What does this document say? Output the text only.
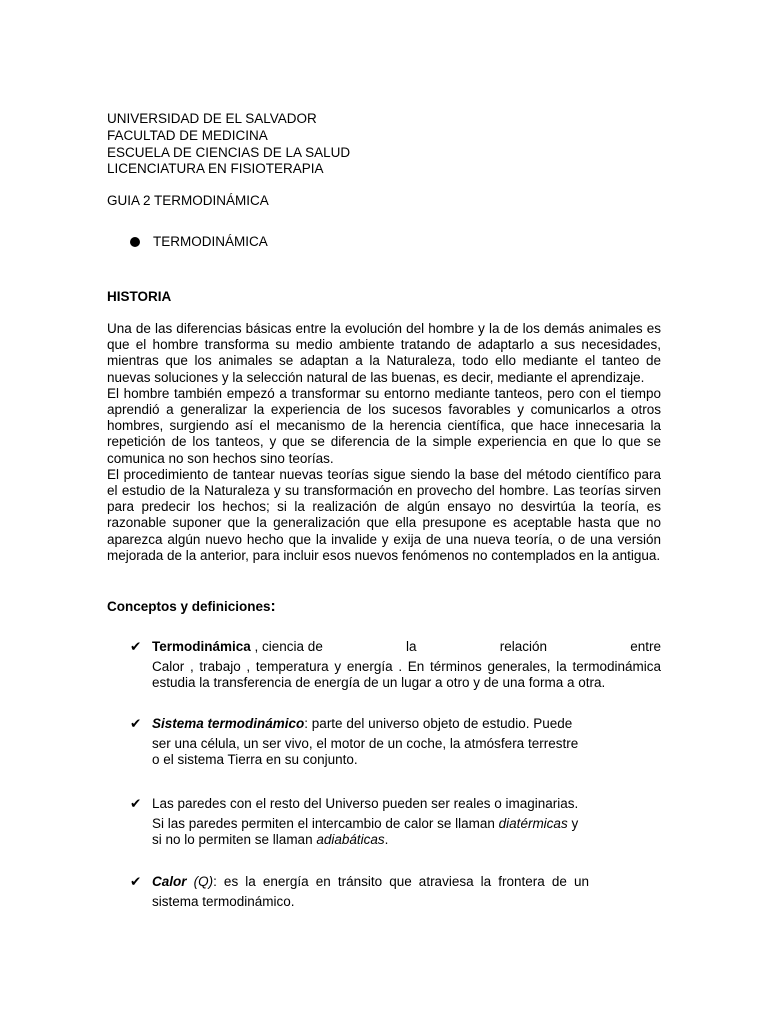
UNIVERSIDAD DE EL SALVADOR
FACULTAD DE MEDICINA
ESCUELA DE CIENCIAS DE LA SALUD
LICENCIATURA EN FISIOTERAPIA
GUIA 2 TERMODINÁMICA
TERMODINÁMICA
HISTORIA

Una de las diferencias básicas entre la evolución del hombre y la de los demás animales es que el hombre transforma su medio ambiente tratando de adaptarlo a sus necesidades, mientras que los animales se adaptan a la Naturaleza, todo ello mediante el tanteo de nuevas soluciones y la selección natural de las buenas, es decir, mediante el aprendizaje.

El hombre también empezó a transformar su entorno mediante tanteos, pero con el tiempo aprendió a generalizar la experiencia de los sucesos favorables y comunicarlos a otros hombres, surgiendo así el mecanismo de la herencia científica, que hace innecesaria la repetición de los tanteos, y que se diferencia de la simple experiencia en que lo que se comunica no son hechos sino teorías.

El procedimiento de tantear nuevas teorías sigue siendo la base del método científico para el estudio de la Naturaleza y su transformación en provecho del hombre. Las teorías sirven para predecir los hechos; si la realización de algún ensayo no desvirtúa la teoría, es razonable suponer que la generalización que ella presupone es aceptable hasta que no aparezca algún nuevo hecho que la invalide y exija de una nueva teoría, o de una versión mejorada de la anterior, para incluir esos nuevos fenómenos no contemplados en la antigua.

Conceptos y definiciones:
✔ Termodinámica , ciencia de	la	relación	entre
Calor , trabajo , temperatura y energía . En términos generales, la termodinámica estudia la transferencia de energía de un lugar a otro y de una forma a otra.
✔ Sistema termodinámico: parte del universo objeto de estudio. Puede
ser una célula, un ser vivo, el motor de un coche, la atmósfera terrestre
o el sistema Tierra en su conjunto.
✔ Las paredes con el resto del Universo pueden ser reales o imaginarias.
Si las paredes permiten el intercambio de calor se llaman diatérmicas y
si no lo permiten se llaman adiabáticas.
✔ Calor (Q): es la energía en tránsito que atraviesa la frontera de un
sistema termodinámico.
